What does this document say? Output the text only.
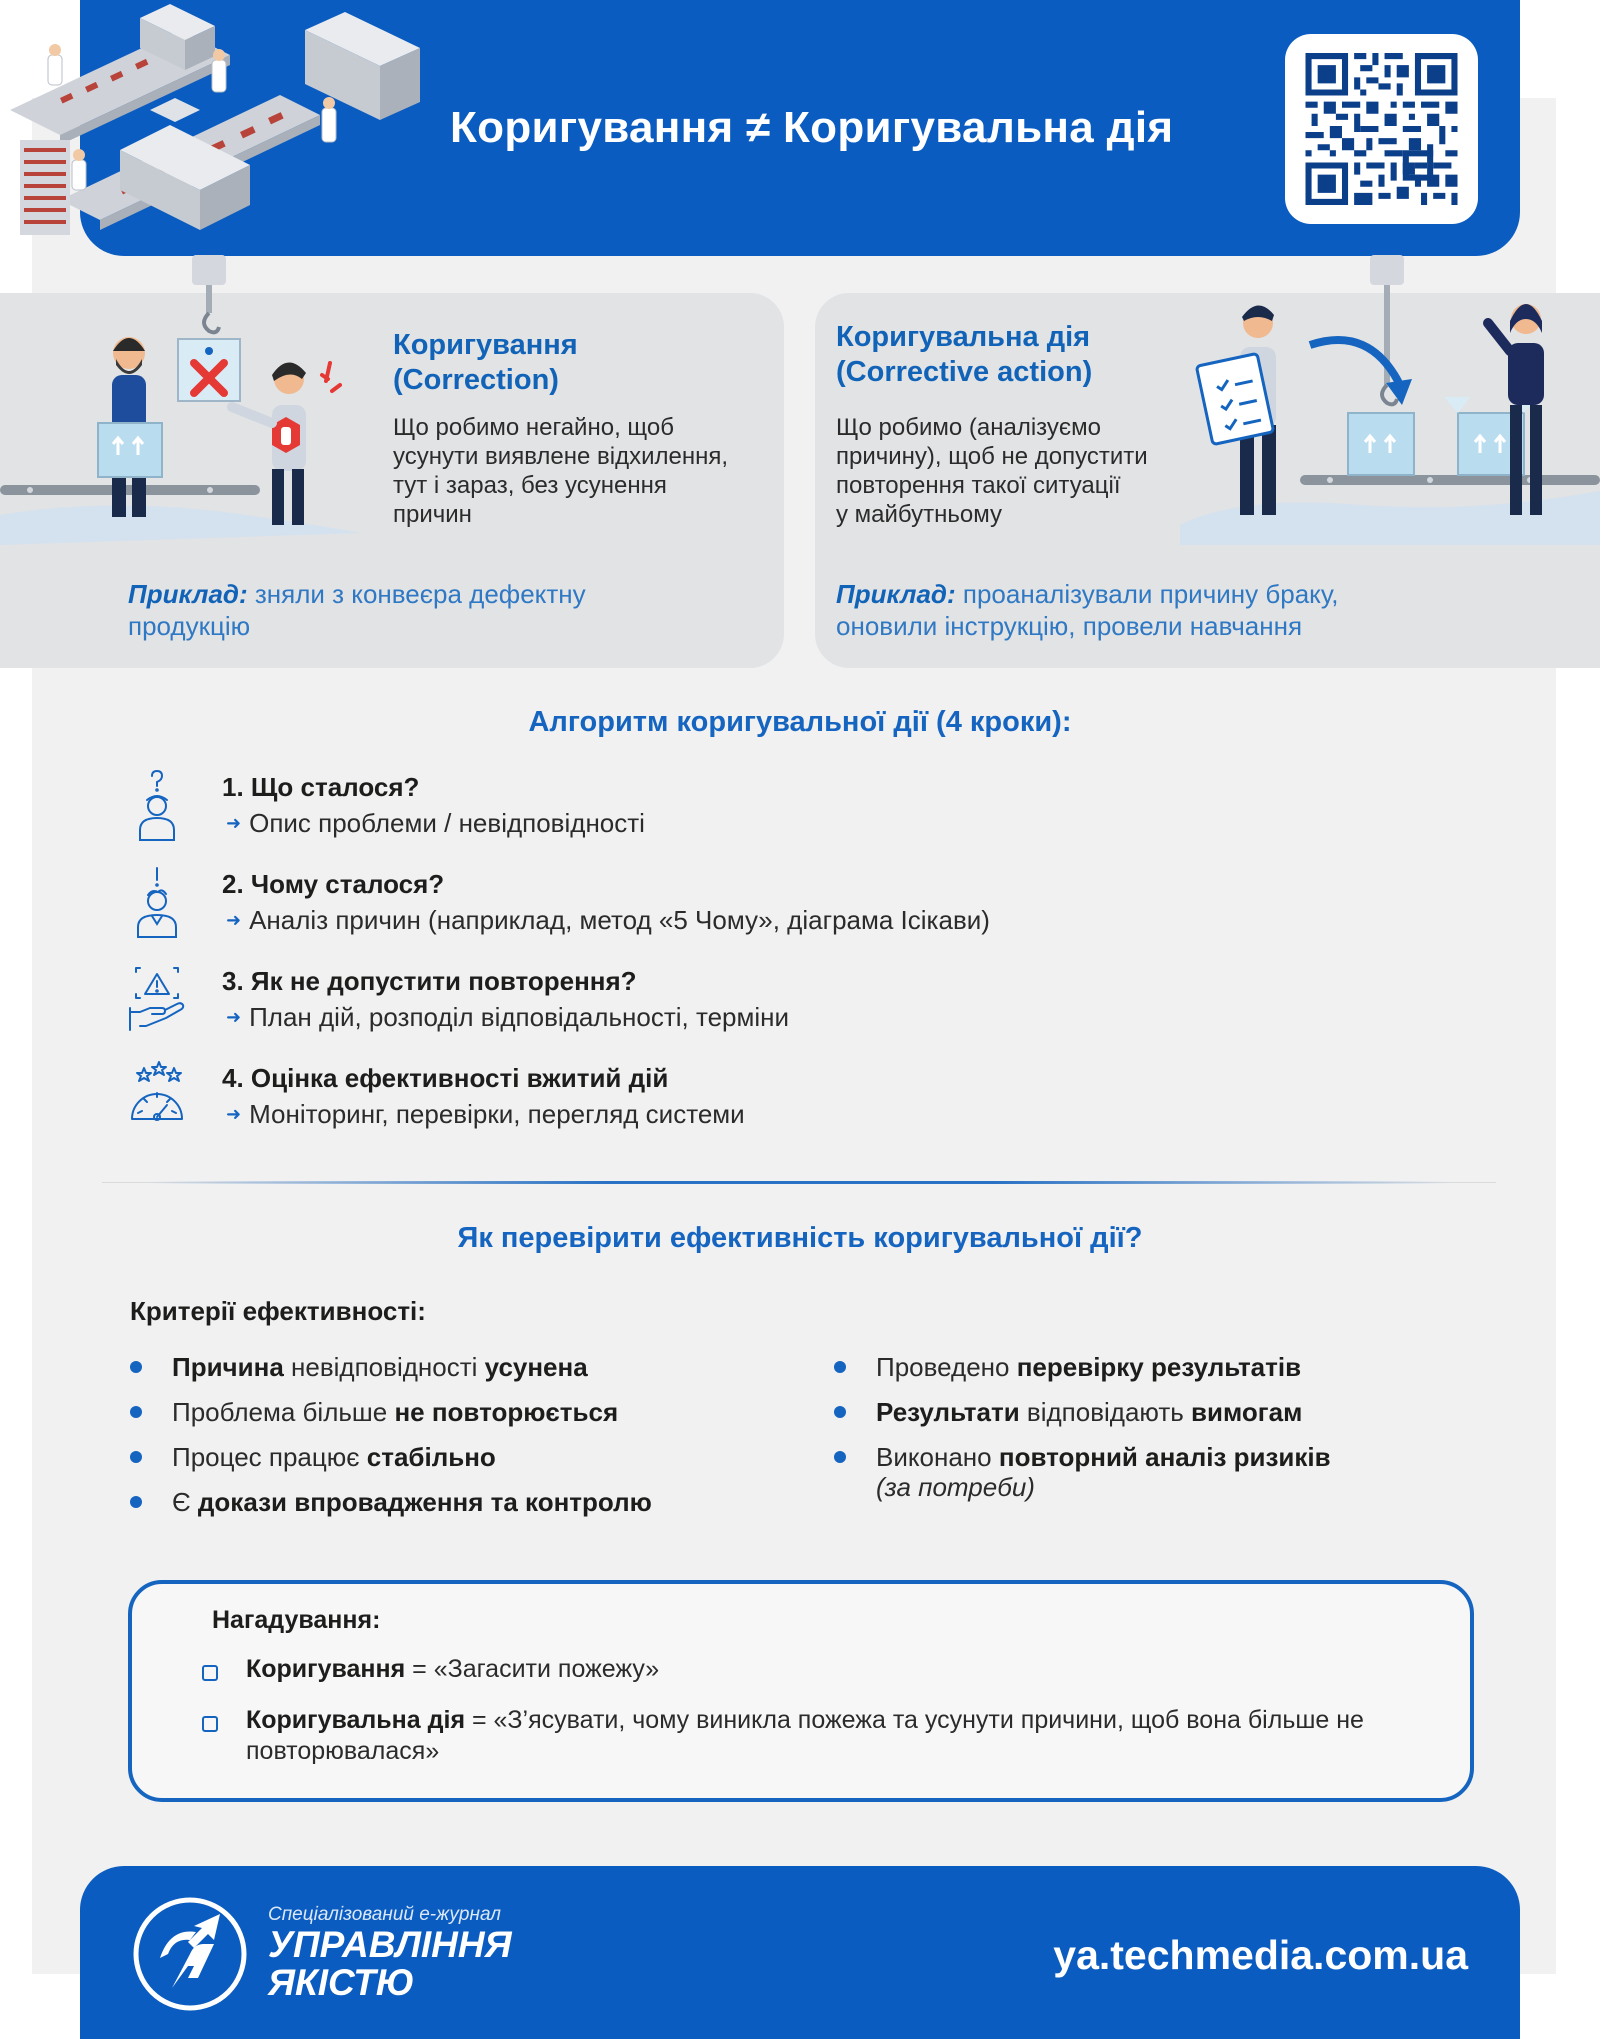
Коригування ≠ Коригувальна дія
Коригування
(Correction)
Що робимо негайно, щоб
усунути виявлене відхилення,
тут і зараз, без усунення
причин
Приклад: зняли з конвеєра дефектну
продукцію
Коригувальна дія
(Corrective action)
Що робимо (аналізуємо
причину), щоб не допустити
повторення такої ситуації
у майбутньому
Приклад: проаналізували причину браку,
оновили інструкцію, провели навчання
Алгоритм коригувальної дії (4 кроки):
1. Що сталося?
➜ Опис проблеми / невідповідності
2. Чому сталося?
➜ Аналіз причин (наприклад, метод «5 Чому», діаграма Ісікави)
3. Як не допустити повторення?
➜ План дій, розподіл відповідальності, терміни
4. Оцінка ефективності вжитий дій
➜ Моніторинг, перевірки, перегляд системи
Як перевірити ефективність коригувальної дії?
Критерії ефективності:
Причина невідповідності усунена
Проблема більше не повторюється
Процес працює стабільно
Є докази впровадження та контролю
Проведено перевірку результатів
Результати відповідають вимогам
Виконано повторний аналіз ризиків
(за потреби)
Нагадування:
Коригування = «Загасити пожежу»
Коригувальна дія = «З’ясувати, чому виникла пожежа та усунути причини, щоб вона більше не повторювалася»
Спеціалізований е-журнал
УПРАВЛІННЯ
ЯКІСТЮ
ya.techmedia.com.ua
